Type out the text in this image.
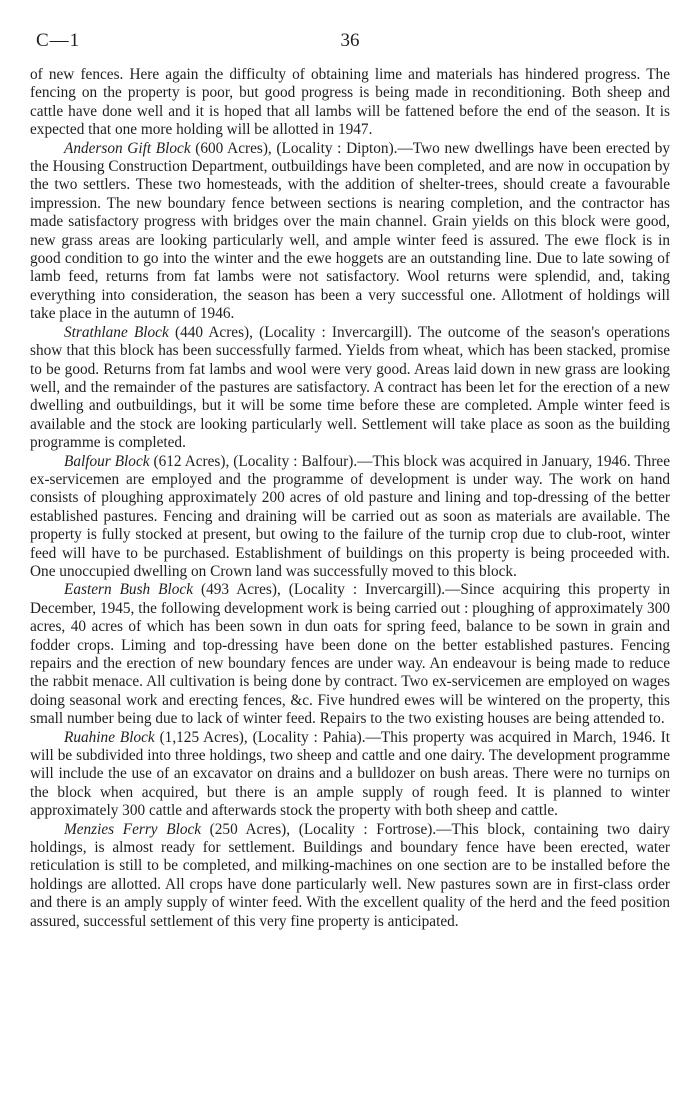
C—1	36

of new fences. Here again the difficulty of obtaining lime and materials has hindered progress. The fencing on the property is poor, but good progress is being made in reconditioning. Both sheep and cattle have done well and it is hoped that all lambs will be fattened before the end of the season. It is expected that one more holding will be allotted in 1947.

Anderson Gift Block (600 Acres), (Locality : Dipton).—Two new dwellings have been erected by the Housing Construction Department, outbuildings have been completed, and are now in occupation by the two settlers. These two homesteads, with the addition of shelter-trees, should create a favourable impression. The new boundary fence between sections is nearing completion, and the contractor has made satisfactory progress with bridges over the main channel. Grain yields on this block were good, new grass areas are looking particularly well, and ample winter feed is assured. The ewe flock is in good condition to go into the winter and the ewe hoggets are an outstanding line. Due to late sowing of lamb feed, returns from fat lambs were not satisfactory. Wool returns were splendid, and, taking everything into consideration, the season has been a very successful one. Allotment of holdings will take place in the autumn of 1946.

Strathlane Block (440 Acres), (Locality : Invercargill). The outcome of the season's operations show that this block has been successfully farmed. Yields from wheat, which has been stacked, promise to be good. Returns from fat lambs and wool were very good. Areas laid down in new grass are looking well, and the remainder of the pastures are satisfactory. A contract has been let for the erection of a new dwelling and outbuildings, but it will be some time before these are completed. Ample winter feed is available and the stock are looking particularly well. Settlement will take place as soon as the building programme is completed.

Balfour Block (612 Acres), (Locality : Balfour).—This block was acquired in January, 1946. Three ex-servicemen are employed and the programme of development is under way. The work on hand consists of ploughing approximately 200 acres of old pasture and lining and top-dressing of the better established pastures. Fencing and draining will be carried out as soon as materials are available. The property is fully stocked at present, but owing to the failure of the turnip crop due to club-root, winter feed will have to be purchased. Establishment of buildings on this property is being proceeded with. One unoccupied dwelling on Crown land was successfully moved to this block.

Eastern Bush Block (493 Acres), (Locality : Invercargill).—Since acquiring this property in December, 1945, the following development work is being carried out : ploughing of approximately 300 acres, 40 acres of which has been sown in dun oats for spring feed, balance to be sown in grain and fodder crops. Liming and top-dressing have been done on the better established pastures. Fencing repairs and the erection of new boundary fences are under way. An endeavour is being made to reduce the rabbit menace. All cultivation is being done by contract. Two ex-servicemen are employed on wages doing seasonal work and erecting fences, &c. Five hundred ewes will be wintered on the property, this small number being due to lack of winter feed. Repairs to the two existing houses are being attended to.

Ruahine Block (1,125 Acres), (Locality : Pahia).—This property was acquired in March, 1946. It will be subdivided into three holdings, two sheep and cattle and one dairy. The development programme will include the use of an excavator on drains and a bulldozer on bush areas. There were no turnips on the block when acquired, but there is an ample supply of rough feed. It is planned to winter approximately 300 cattle and afterwards stock the property with both sheep and cattle.

Menzies Ferry Block (250 Acres), (Locality : Fortrose).—This block, containing two dairy holdings, is almost ready for settlement. Buildings and boundary fence have been erected, water reticulation is still to be completed, and milking-machines on one section are to be installed before the holdings are allotted. All crops have done particularly well. New pastures sown are in first-class order and there is an amply supply of winter feed. With the excellent quality of the herd and the feed position assured, successful settlement of this very fine property is anticipated.
